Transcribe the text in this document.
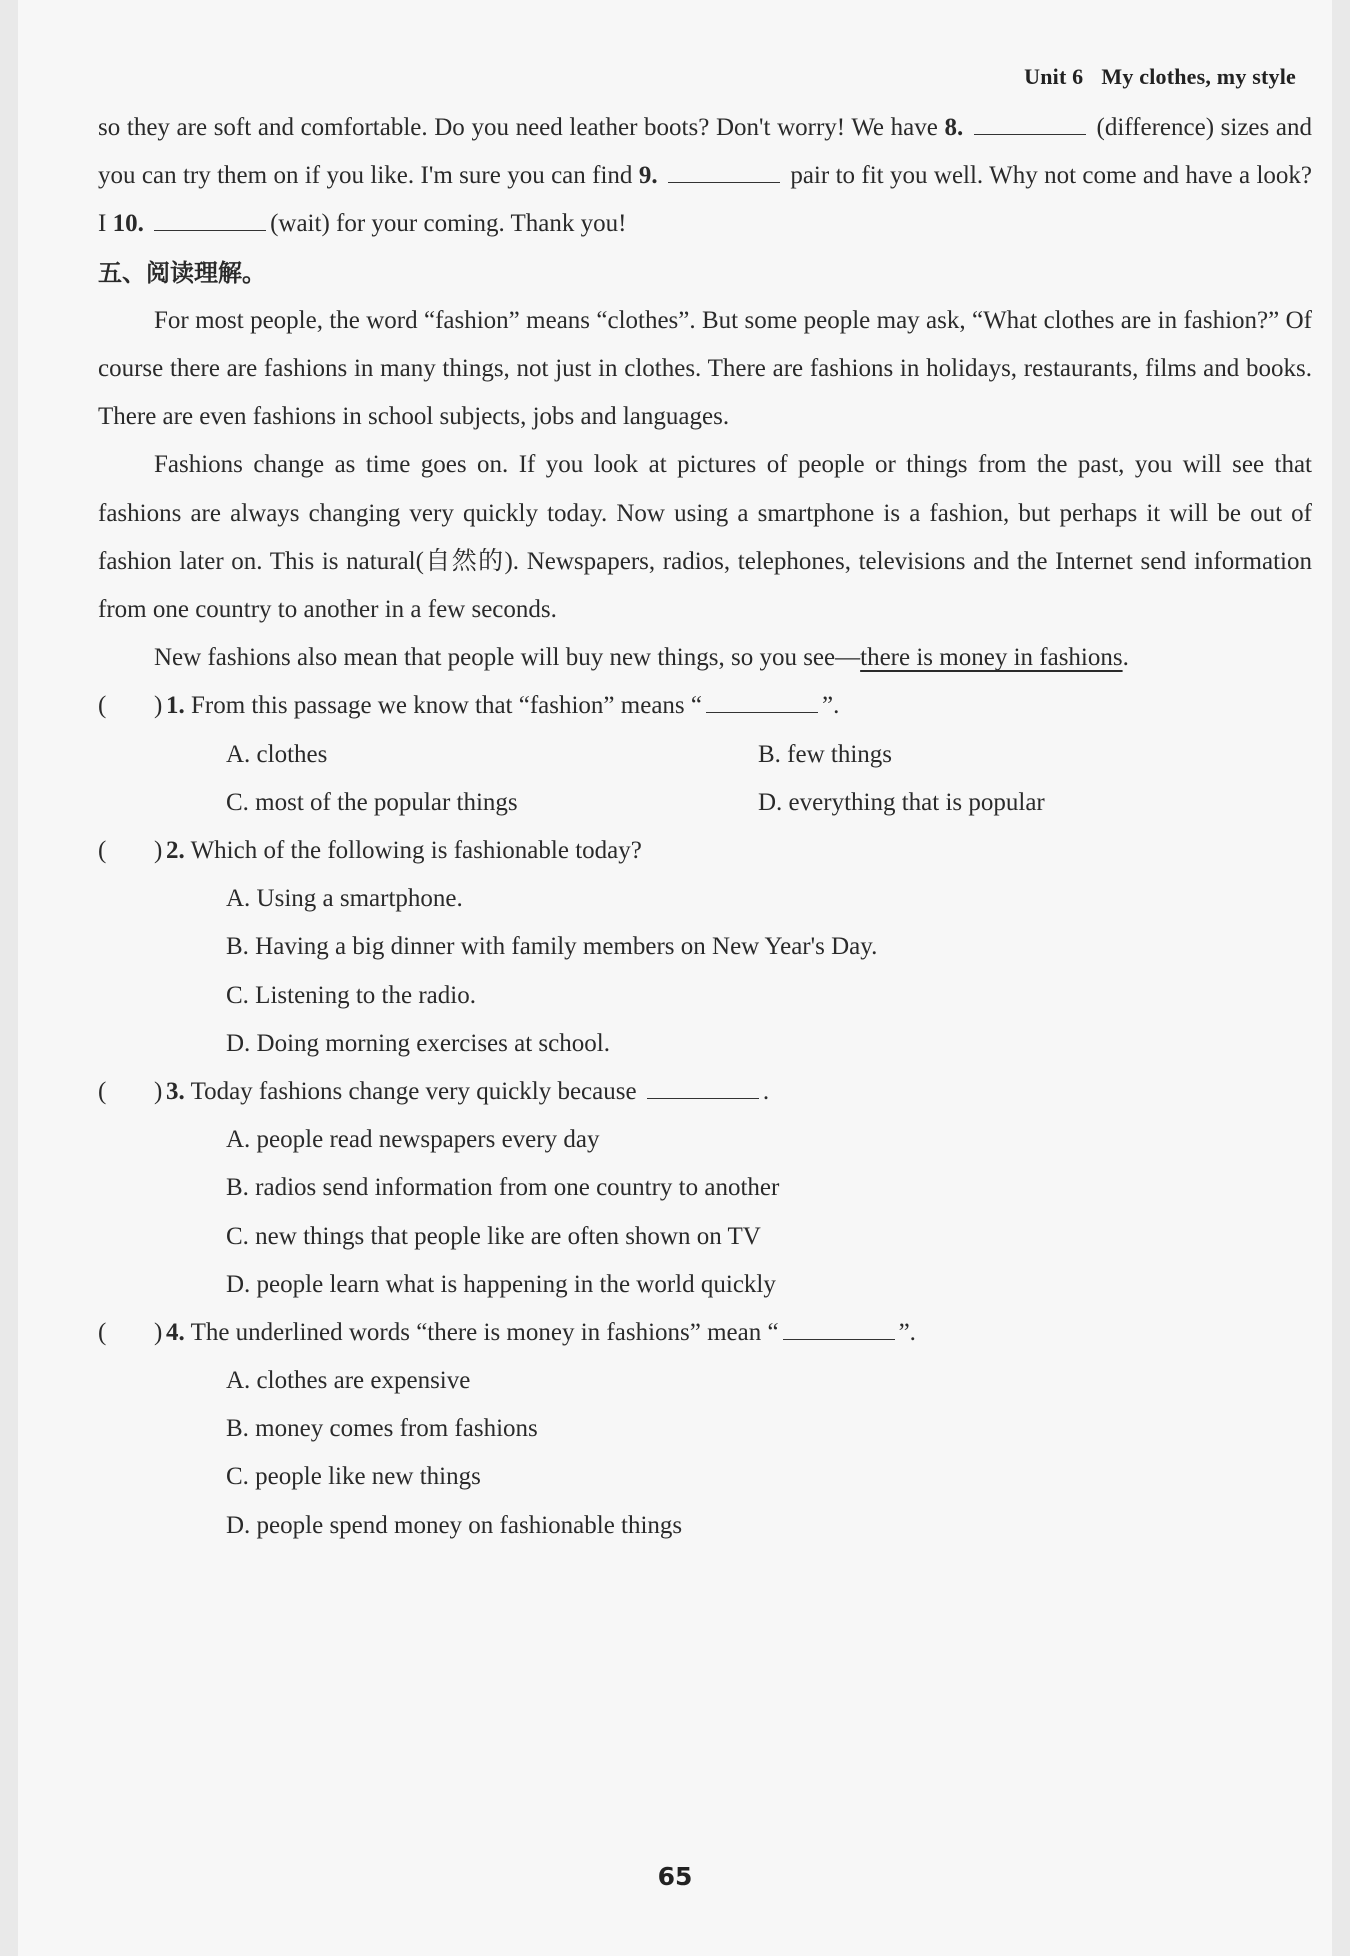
Unit 6 My clothes, my style

so they are soft and comfortable. Do you need leather boots? Don't worry! We have 8.	(difference) sizes and you can try them on if you like. I'm sure you can find 9.	pair to fit you well. Why not come and have a look? I 10.	(wait) for your coming. Thank you!

五、阅读理解。

For most people, the word “fashion” means “clothes”. But some people may ask, “What clothes are in fashion?” Of course there are fashions in many things, not just in clothes. There are fashions in holidays, restaurants, films and books. There are even fashions in school subjects, jobs and languages.

Fashions change as time goes on. If you look at pictures of people or things from the past, you will see that fashions are always changing very quickly today. Now using a smartphone is a fashion, but perhaps it will be out of fashion later on. This is natural(自然的). Newspapers, radios, telephones, televisions and the Internet send information from one country to another in a few seconds.

New fashions also mean that people will buy new things, so you see—there is money in fashions.

( ) 1. From this passage we know that “fashion” means “	”.
A. clothes	B. few things
C. most of the popular things	D. everything that is popular
( ) 2. Which of the following is fashionable today?
A. Using a smartphone.
B. Having a big dinner with family members on New Year's Day.
C. Listening to the radio.
D. Doing morning exercises at school.
( ) 3. Today fashions change very quickly because	.
A. people read newspapers every day
B. radios send information from one country to another
C. new things that people like are often shown on TV
D. people learn what is happening in the world quickly
( ) 4. The underlined words “there is money in fashions” mean “	”.
A. clothes are expensive
B. money comes from fashions
C. people like new things
D. people spend money on fashionable things
65
